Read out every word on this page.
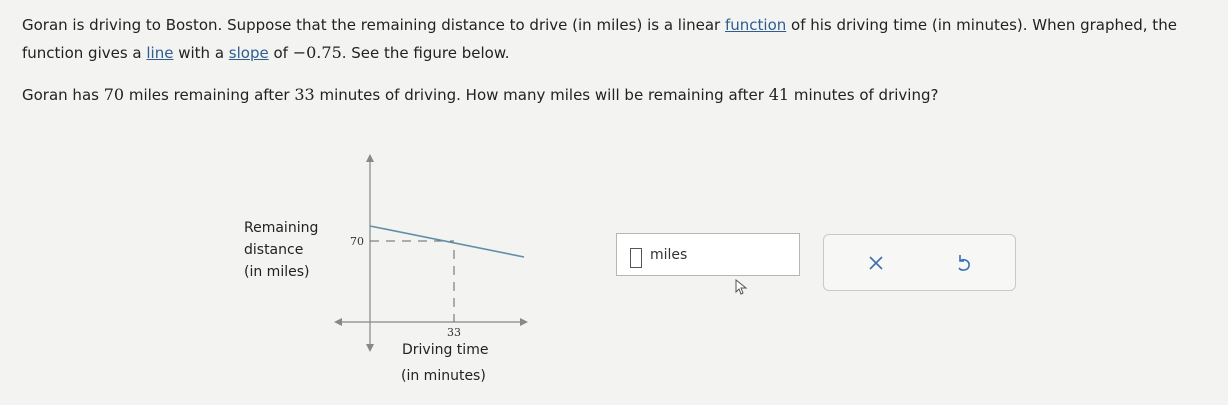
Goran is driving to Boston. Suppose that the remaining distance to drive (in miles) is a linear function of his driving time (in minutes). When graphed, the
function gives a line with a slope of −0.75. See the figure below.

Goran has 70 miles remaining after 33 minutes of driving. How many miles will be remaining after 41 minutes of driving?

Remaining
distance
(in miles)
70
33
Driving time
(in minutes)
miles
